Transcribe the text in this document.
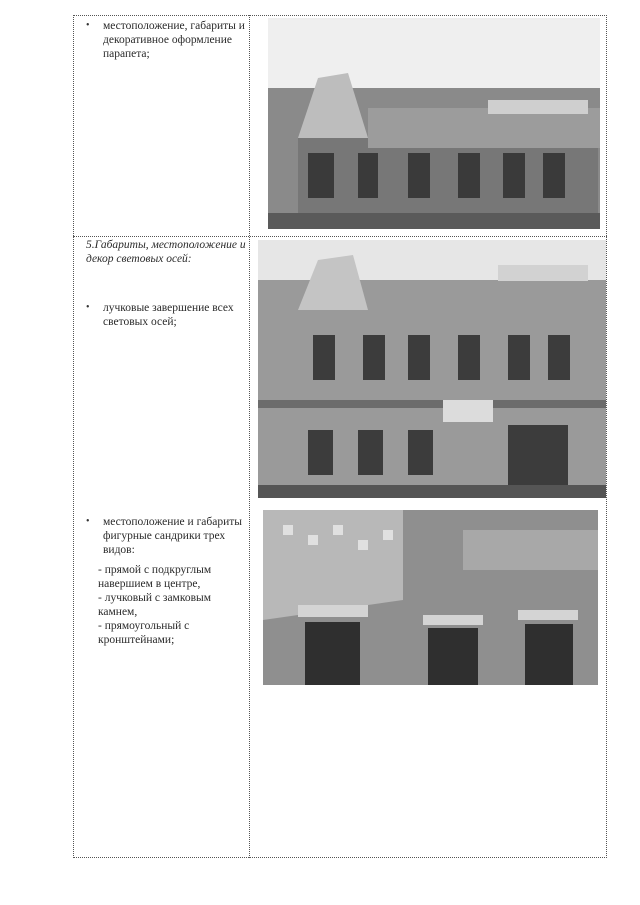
• местоположение, габариты и декоративное оформление парапета;
5.Габариты, местоположение и декор световых осей:
• лучковые завершение всех световых осей;
• местоположение и габариты фигурные сандрики трех видов:
- прямой с подкруглым навершием в центре,
- лучковый с замковым камнем,
- прямоугольный с кронштейнами;
